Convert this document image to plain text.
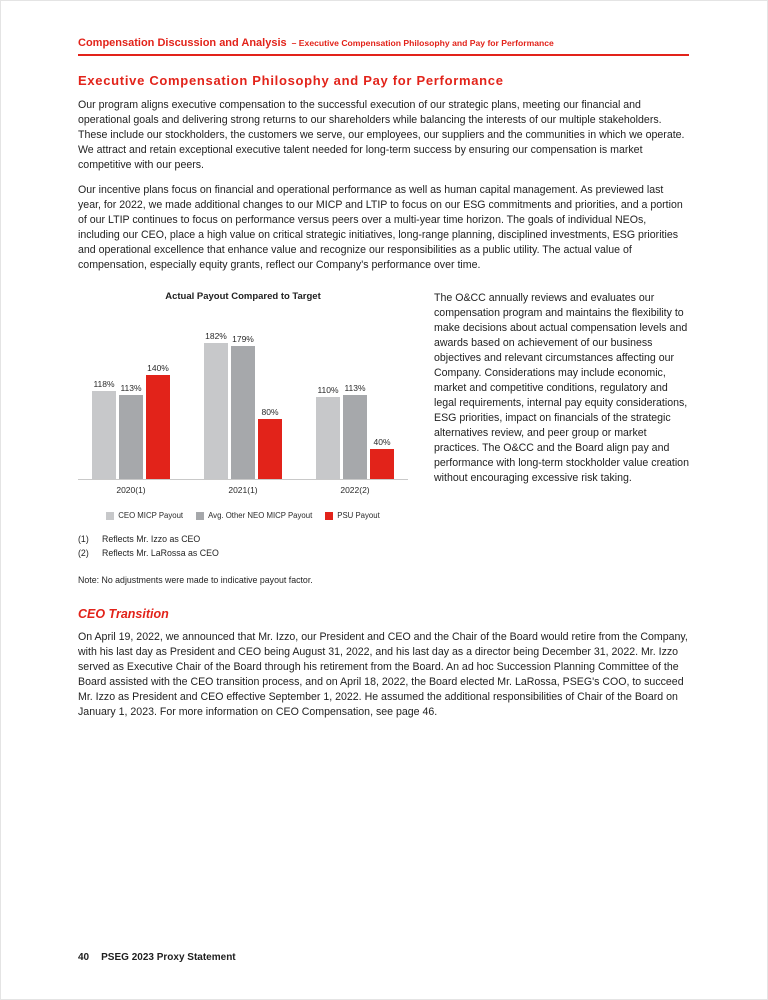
Compensation Discussion and Analysis – Executive Compensation Philosophy and Pay for Performance
Executive Compensation Philosophy and Pay for Performance

Our program aligns executive compensation to the successful execution of our strategic plans, meeting our financial and operational goals and delivering strong returns to our shareholders while balancing the interests of our multiple stakeholders. These include our stockholders, the customers we serve, our employees, our suppliers and the communities in which we operate. We attract and retain exceptional executive talent needed for long-term success by ensuring our compensation is market competitive with our peers.

Our incentive plans focus on financial and operational performance as well as human capital management. As previewed last year, for 2022, we made additional changes to our MICP and LTIP to focus on our ESG commitments and priorities, and a portion of our LTIP continues to focus on performance versus peers over a multi-year time horizon. The goals of individual NEOs, including our CEO, place a high value on critical strategic initiatives, long-range planning, disciplined investments, ESG priorities and operational excellence that enhance value and recognize our responsibilities as a public utility. The actual value of compensation, especially equity grants, reflect our Company's performance over time.

Actual Payout Compared to Target
118% 113%
140%
182% 179%
80%
110% 113%
40%
2020(1)	2021(1)	2022(2)
CEO MICP Payout	Avg. Other NEO MICP Payout	PSU Payout
The O&CC annually reviews and evaluates our compensation program and maintains the flexibility to make decisions about actual compensation levels and awards based on achievement of our business objectives and relevant circumstances affecting our Company. Considerations may include economic, market and competitive conditions, regulatory and legal requirements, internal pay equity considerations, ESG priorities, impact on financials of the strategic alternatives review, and peer group or market practices. The O&CC and the Board align pay and performance with long-term stockholder value creation without encouraging excessive risk taking.
(1)	Reflects Mr. Izzo as CEO
(2)	Reflects Mr. LaRossa as CEO
Note: No adjustments were made to indicative payout factor.
CEO Transition

On April 19, 2022, we announced that Mr. Izzo, our President and CEO and the Chair of the Board would retire from the Company, with his last day as President and CEO being August 31, 2022, and his last day as a director being December 31, 2022. Mr. Izzo served as Executive Chair of the Board through his retirement from the Board. An ad hoc Succession Planning Committee of the Board assisted with the CEO transition process, and on April 18, 2022, the Board elected Mr. LaRossa, PSEG's COO, to succeed Mr. Izzo as President and CEO effective September 1, 2022. He assumed the additional responsibilities of Chair of the Board on January 1, 2023. For more information on CEO Compensation, see page 46.

40 PSEG 2023 Proxy Statement
